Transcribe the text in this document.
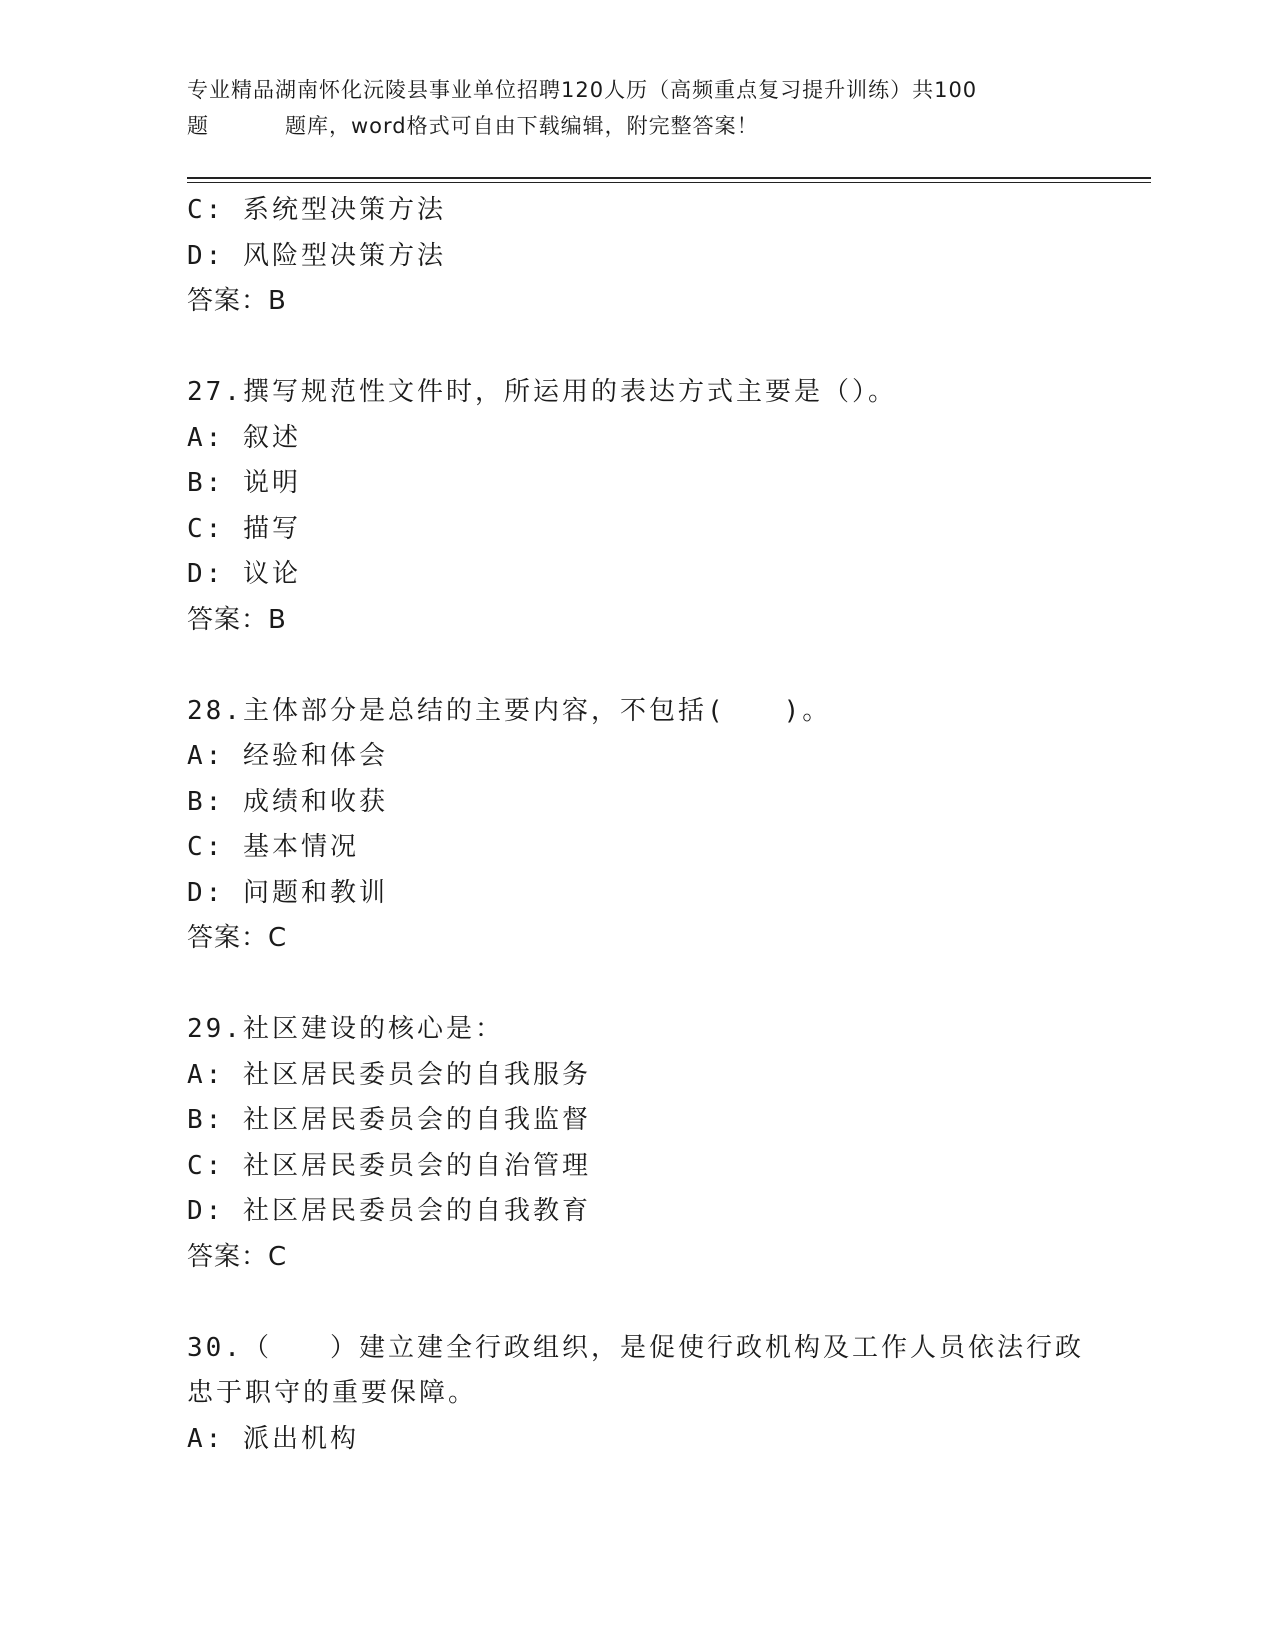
专业精品湖南怀化沅陵县事业单位招聘120人历（高频重点复习提升训练）共100
题	题库，word格式可自由下载编辑，附完整答案！
C: 系统型决策方法
D: 风险型决策方法
答案：B
27.撰写规范性文件时，所运用的表达方式主要是（）。
A: 叙述
B: 说明
C: 描写
D: 议论
答案：B
28.主体部分是总结的主要内容，不包括(　　)。
A: 经验和体会
B: 成绩和收获
C: 基本情况
D: 问题和教训
答案：C
29.社区建设的核心是：
A: 社区居民委员会的自我服务
B: 社区居民委员会的自我监督
C: 社区居民委员会的自治管理
D: 社区居民委员会的自我教育
答案：C
30.（　　）建立建全行政组织，是促使行政机构及工作人员依法行政
忠于职守的重要保障。
A: 派出机构
